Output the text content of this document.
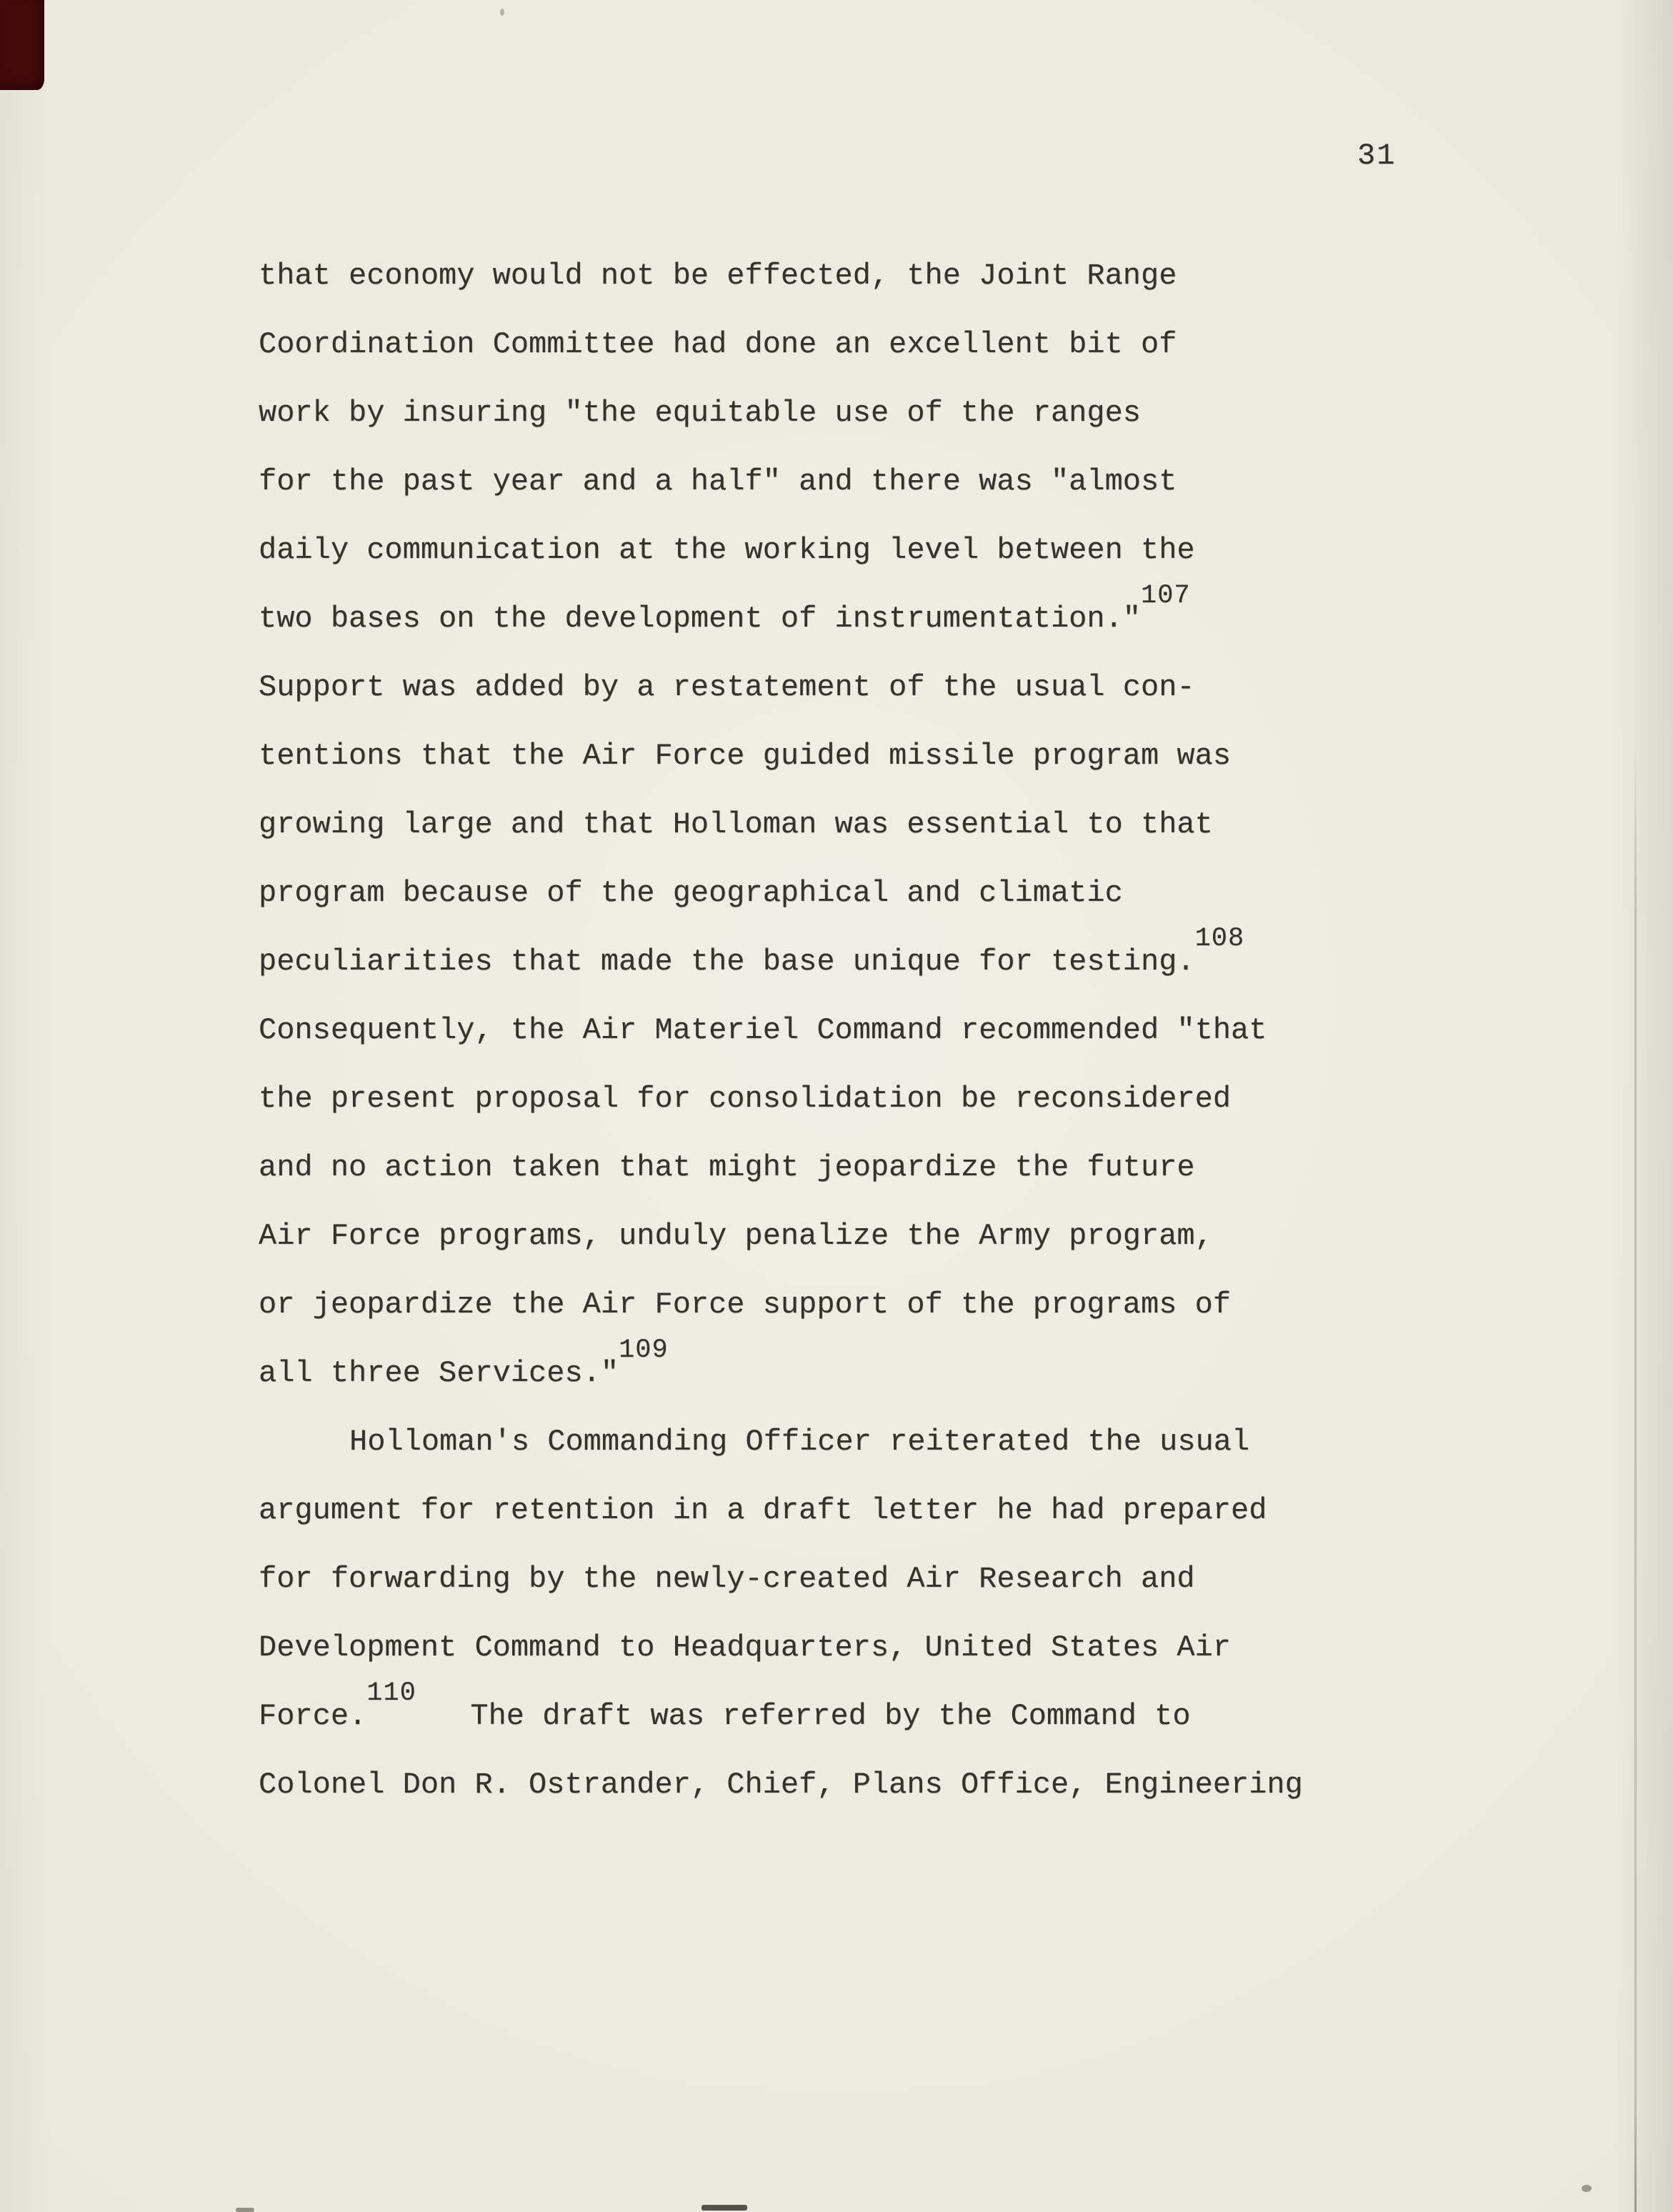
31
that economy would not be effected, the Joint Range
Coordination Committee had done an excellent bit of
work by insuring "the equitable use of the ranges
for the past year and a half" and there was "almost
daily communication at the working level between the
two bases on the development of instrumentation."$^{107}$
Support was added by a restatement of the usual con-
tentions that the Air Force guided missile program was
growing large and that Holloman was essential to that
program because of the geographical and climatic
peculiarities that made the base unique for testing.$^{108}$
Consequently, the Air Materiel Command recommended "that
the present proposal for consolidation be reconsidered
and no action taken that might jeopardize the future
Air Force programs, unduly penalize the Army program,
or jeopardize the Air Force support of the programs of
all three Services."$^{109}$
Holloman's Commanding Officer reiterated the usual
argument for retention in a draft letter he had prepared
for forwarding by the newly-created Air Research and
Development Command to Headquarters, United States Air
Force.$^{110}$   The draft was referred by the Command to
Colonel Don R. Ostrander, Chief, Plans Office, Engineering
